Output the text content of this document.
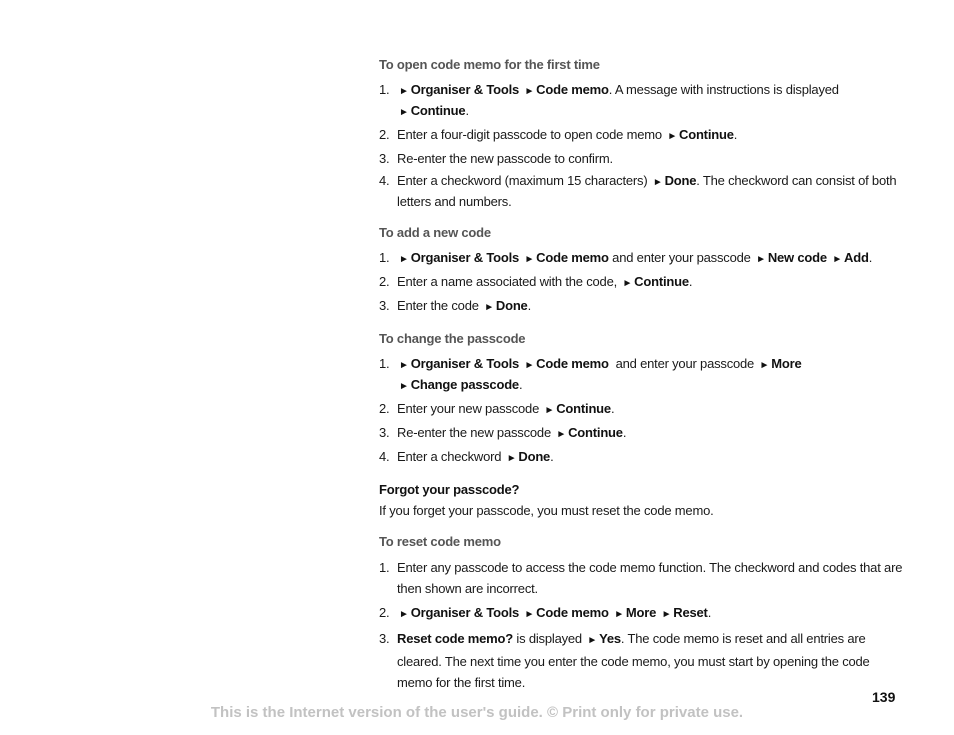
To open code memo for the first time
1. ► Organiser & Tools ► Code memo. A message with instructions is displayed
► Continue.
2. Enter a four-digit passcode to open code memo ► Continue.
3. Re-enter the new passcode to confirm.
4. Enter a checkword (maximum 15 characters) ► Done. The checkword can consist of both letters and numbers.
To add a new code
1. ► Organiser & Tools ► Code memo and enter your passcode ► New code ► Add.
2. Enter a name associated with the code, ► Continue.
3. Enter the code ► Done.
To change the passcode
1. ► Organiser & Tools ► Code memo  and enter your passcode ► More
► Change passcode.
2. Enter your new passcode ► Continue.
3. Re-enter the new passcode ► Continue.
4. Enter a checkword ► Done.
Forgot your passcode?

If you forget your passcode, you must reset the code memo.

To reset code memo
1. Enter any passcode to access the code memo function. The checkword and codes that are then shown are incorrect.
2. ► Organiser & Tools ► Code memo ► More ► Reset.
3. Reset code memo? is displayed ► Yes. The code memo is reset and all entries are cleared. The next time you enter the code memo, you must start by opening the code memo for the first time.
139
This is the Internet version of the user's guide. © Print only for private use.
